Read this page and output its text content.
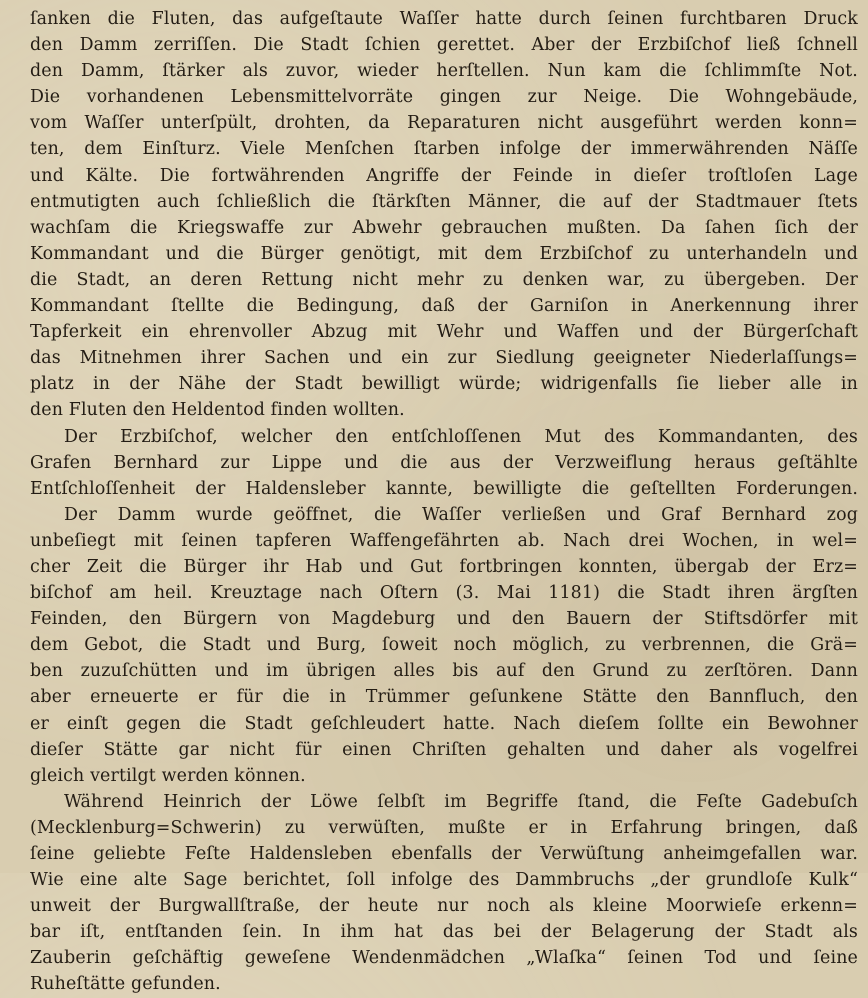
ſanken die Fluten, das aufgeſtaute Waſſer hatte durch ſeinen furchtbaren Druck
den Damm zerriſſen. Die Stadt ſchien gerettet. Aber der Erzbiſchof ließ ſchnell
den Damm, ſtärker als zuvor, wieder herſtellen. Nun kam die ſchlimmſte Not.
Die vorhandenen Lebensmittelvorräte gingen zur Neige. Die Wohngebäude,
vom Waſſer unterſpült, drohten, da Reparaturen nicht ausgeführt werden konn=
ten, dem Einſturz. Viele Menſchen ſtarben infolge der immerwährenden Näſſe
und Kälte. Die fortwährenden Angriffe der Feinde in dieſer troſtloſen Lage
entmutigten auch ſchließlich die ſtärkſten Männer, die auf der Stadtmauer ſtets
wachſam die Kriegswaffe zur Abwehr gebrauchen mußten. Da ſahen ſich der
Kommandant und die Bürger genötigt, mit dem Erzbiſchof zu unterhandeln und
die Stadt, an deren Rettung nicht mehr zu denken war, zu übergeben. Der
Kommandant ſtellte die Bedingung, daß der Garniſon in Anerkennung ihrer
Tapferkeit ein ehrenvoller Abzug mit Wehr und Waffen und der Bürgerſchaft
das Mitnehmen ihrer Sachen und ein zur Siedlung geeigneter Niederlaſſungs=
platz in der Nähe der Stadt bewilligt würde; widrigenfalls ſie lieber alle in
den Fluten den Heldentod finden wollten.
Der Erzbiſchof, welcher den entſchloſſenen Mut des Kommandanten, des
Grafen Bernhard zur Lippe und die aus der Verzweiflung heraus geſtählte
Entſchloſſenheit der Haldensleber kannte, bewilligte die geſtellten Forderungen.
Der Damm wurde geöffnet, die Waſſer verließen und Graf Bernhard zog
unbeſiegt mit ſeinen tapferen Waffengefährten ab. Nach drei Wochen, in wel=
cher Zeit die Bürger ihr Hab und Gut fortbringen konnten, übergab der Erz=
biſchof am heil. Kreuztage nach Oſtern (3. Mai 1181) die Stadt ihren ärgſten
Feinden, den Bürgern von Magdeburg und den Bauern der Stiftsdörfer mit
dem Gebot, die Stadt und Burg, ſoweit noch möglich, zu verbrennen, die Grä=
ben zuzuſchütten und im übrigen alles bis auf den Grund zu zerſtören. Dann
aber erneuerte er für die in Trümmer geſunkene Stätte den Bannfluch, den
er einſt gegen die Stadt geſchleudert hatte. Nach dieſem ſollte ein Bewohner
dieſer Stätte gar nicht für einen Chriſten gehalten und daher als vogelfrei
gleich vertilgt werden können.
Während Heinrich der Löwe ſelbſt im Begriffe ſtand, die Feſte Gadebuſch
(Mecklenburg=Schwerin) zu verwüſten, mußte er in Erfahrung bringen, daß
ſeine geliebte Feſte Haldensleben ebenfalls der Verwüſtung anheimgefallen war.
Wie eine alte Sage berichtet, ſoll infolge des Dammbruchs „der grundloſe Kulk“
unweit der Burgwallſtraße, der heute nur noch als kleine Moorwieſe erkenn=
bar iſt, entſtanden ſein. In ihm hat das bei der Belagerung der Stadt als
Zauberin geſchäftig geweſene Wendenmädchen „Wlaſka“ ſeinen Tod und ſeine
Ruheſtätte gefunden.
